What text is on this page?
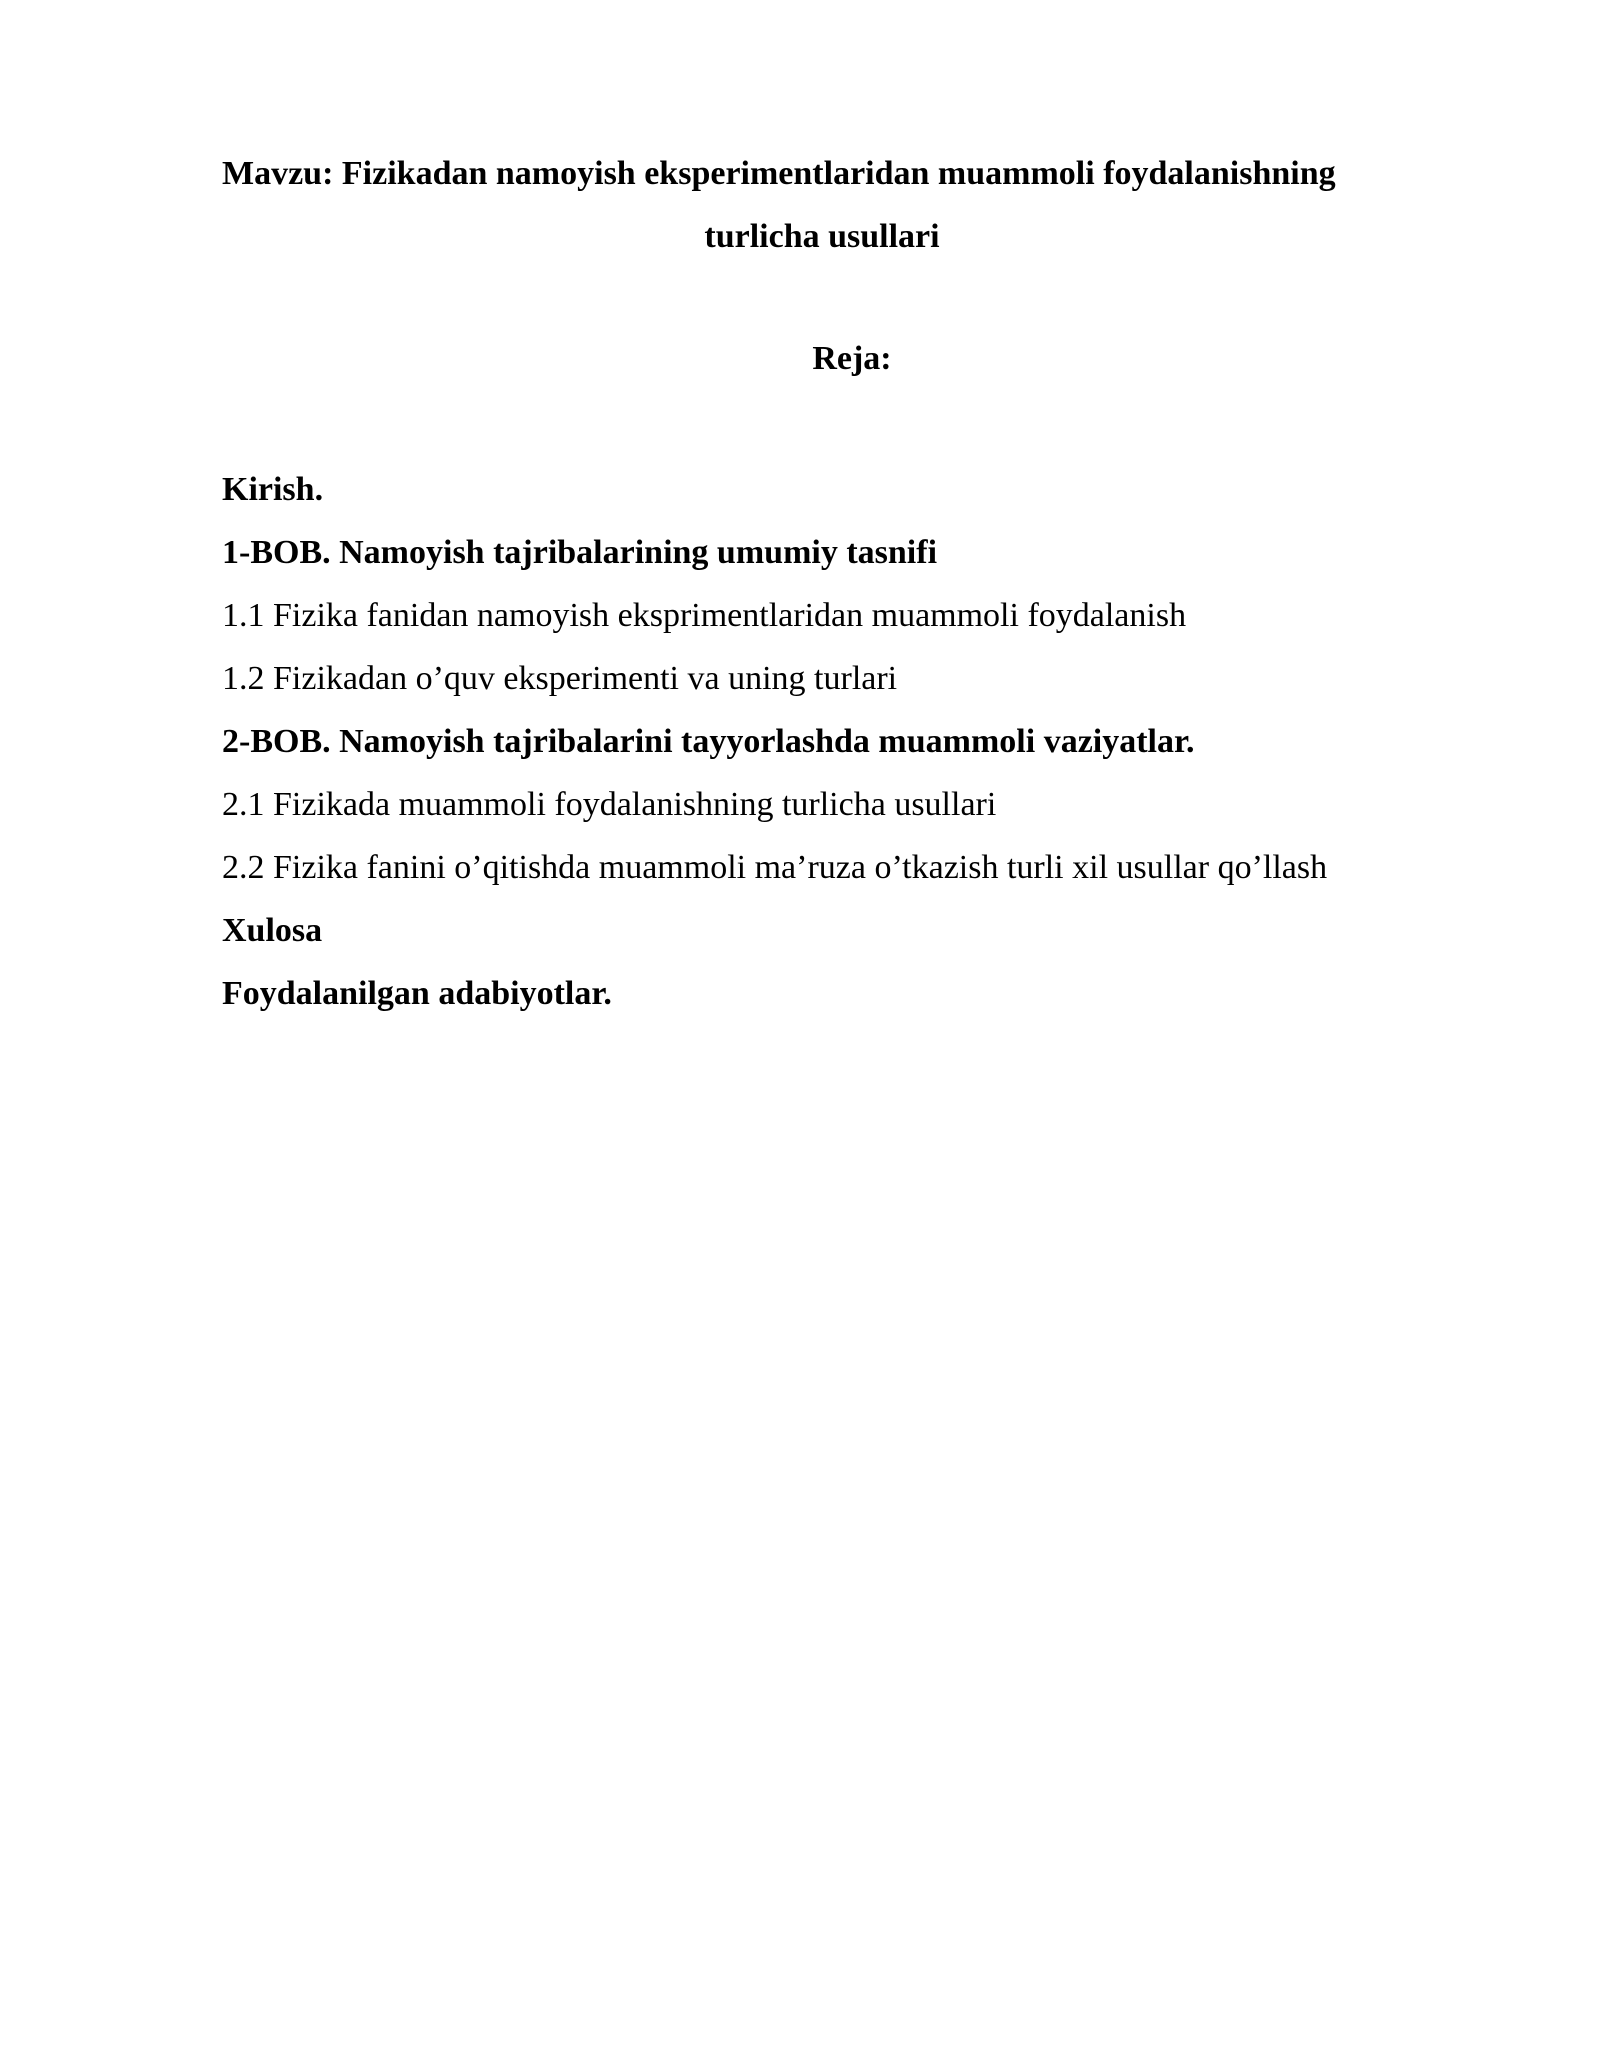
Mavzu: Fizikadan namoyish eksperimentlaridan muammoli foydalanishning
turlicha usullari
Reja:
Kirish.
1-BOB. Namoyish tajribalarining umumiy tasnifi
1.1 Fizika fanidan namoyish eksprimentlaridan muammoli foydalanish
1.2 Fizikadan o’quv eksperimenti va uning turlari
2-BOB. Namoyish tajribalarini tayyorlashda muammoli vaziyatlar.
2.1 Fizikada muammoli foydalanishning turlicha usullari
2.2 Fizika fanini o’qitishda muammoli ma’ruza o’tkazish turli xil usullar qo’llash
Xulosa
Foydalanilgan adabiyotlar.
